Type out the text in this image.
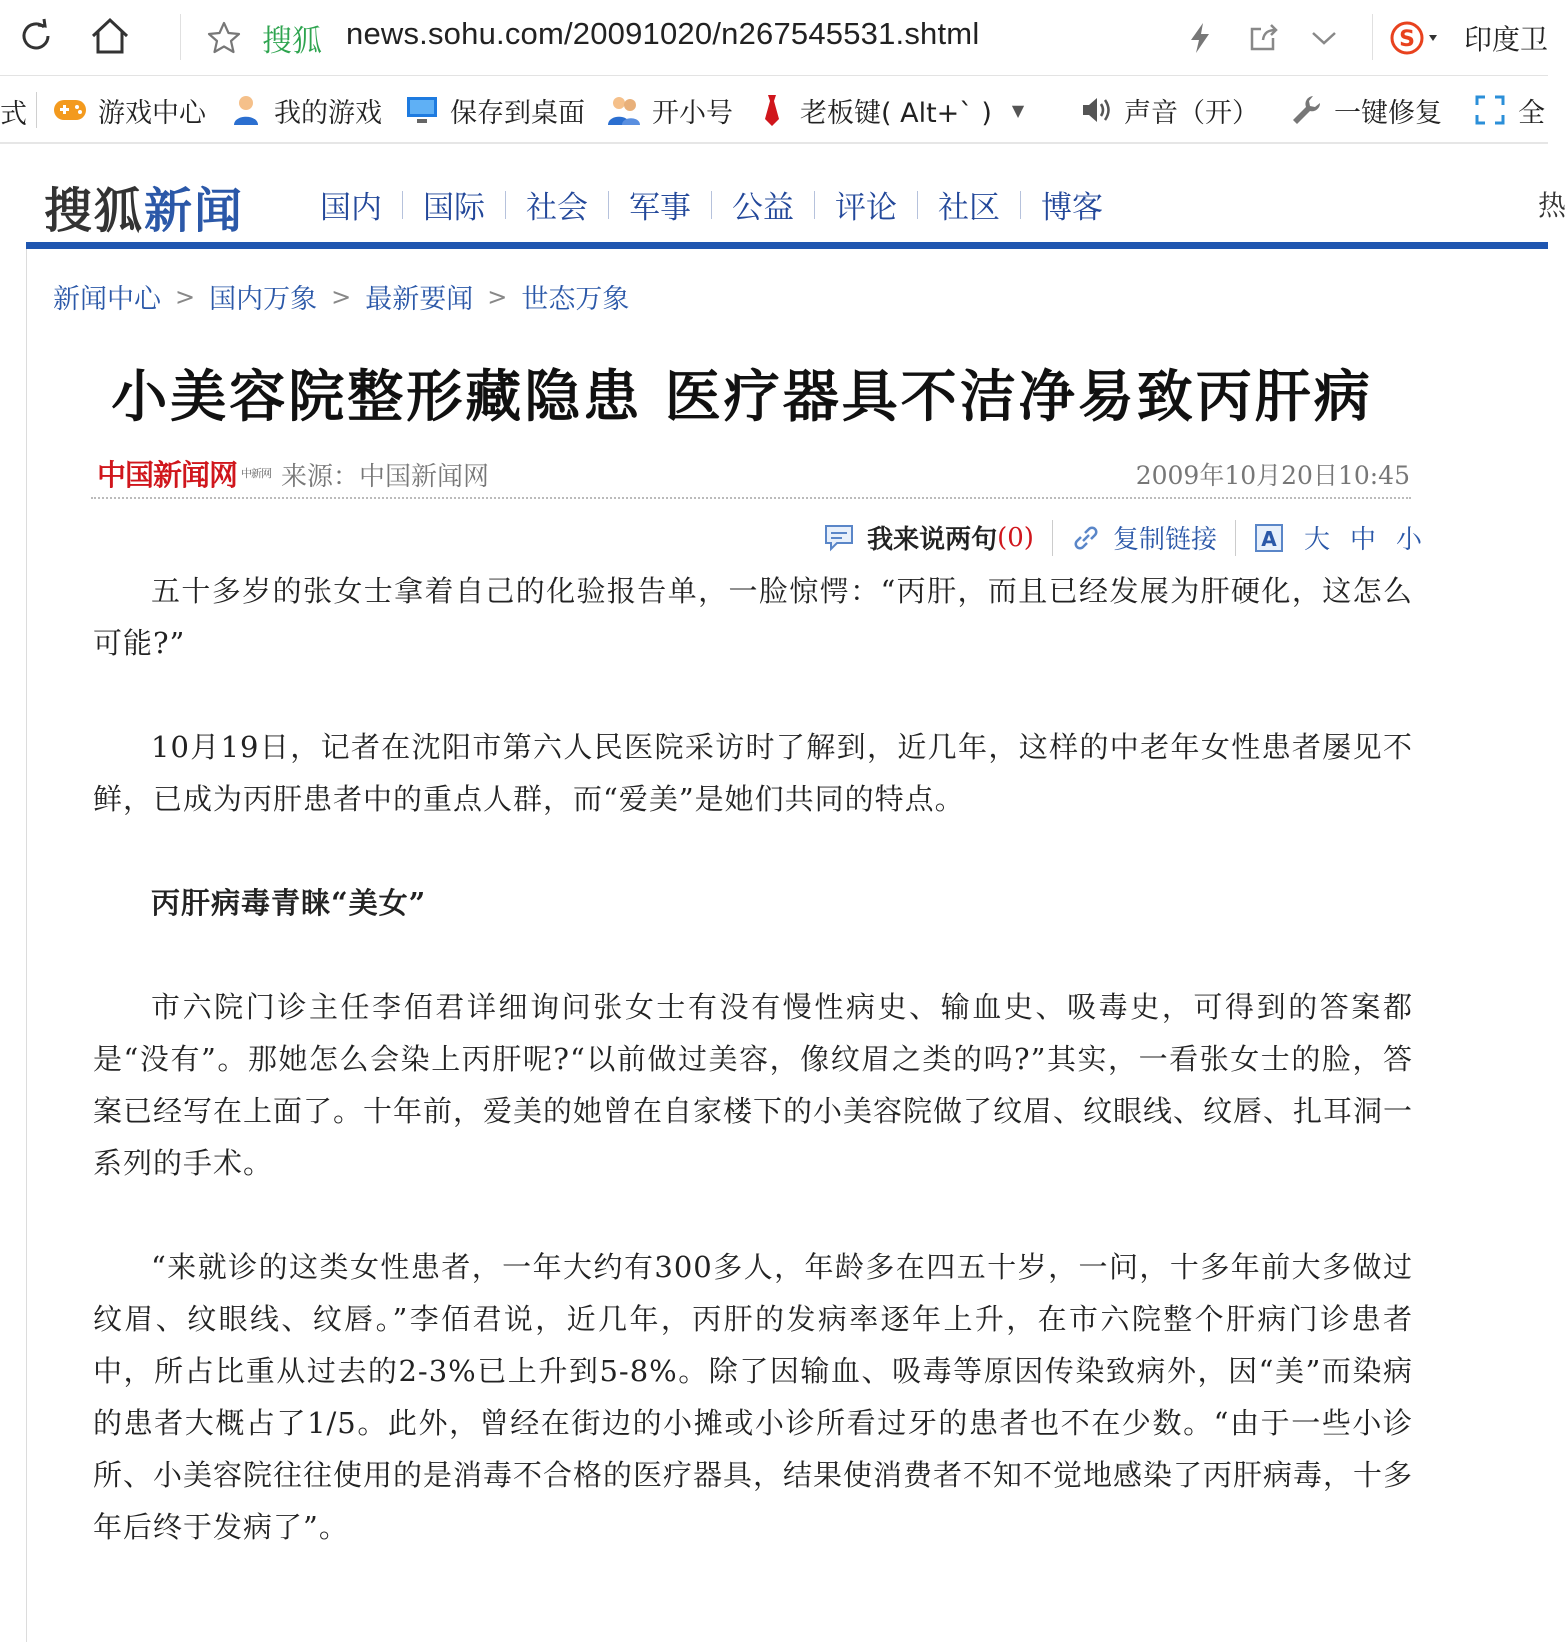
搜狐 news.sohu.com/20091020/n267545531.shtml	S 印度卫
式	游戏中心	我的游戏	保存到桌面 开小号 老板键( Alt+` ) ▼	声音（开）	一键修复	全
搜狐新闻	国内	国际	社会	军事	公益	评论	社区	博客	热
新闻中心 > 国内万象 > 最新要闻 > 世态万象
小美容院整形藏隐患 医疗器具不洁净易致丙肝病
中国新闻网 中新网 来源：中国新闻网	2009年10月20日10:45
我来说两句 (0)	复制链接 A 大 中 小

五十多岁的张女士拿着自己的化验报告单，一脸惊愕：“丙肝，而且已经发展为肝硬化，这怎么可能?”

10月19日，记者在沈阳市第六人民医院采访时了解到，近几年，这样的中老年女性患者屡见不鲜，已成为丙肝患者中的重点人群，而“爱美”是她们共同的特点。

丙肝病毒青睐“美女”

市六院门诊主任李佰君详细询问张女士有没有慢性病史、输血史、吸毒史，可得到的答案都是“没有”。那她怎么会染上丙肝呢?“以前做过美容，像纹眉之类的吗?”其实，一看张女士的脸，答案已经写在上面了。十年前，爱美的她曾在自家楼下的小美容院做了纹眉、纹眼线、纹唇、扎耳洞一系列的手术。

“来就诊的这类女性患者，一年大约有300多人，年龄多在四五十岁，一问，十多年前大多做过纹眉、纹眼线、纹唇。”李佰君说，近几年，丙肝的发病率逐年上升，在市六院整个肝病门诊患者中，所占比重从过去的2-3%已上升到5-8%。除了因输血、吸毒等原因传染致病外，因“美”而染病的患者大概占了1/5。此外，曾经在街边的小摊或小诊所看过牙的患者也不在少数。“由于一些小诊所、小美容院往往使用的是消毒不合格的医疗器具，结果使消费者不知不觉地感染了丙肝病毒，十多年后终于发病了”。
